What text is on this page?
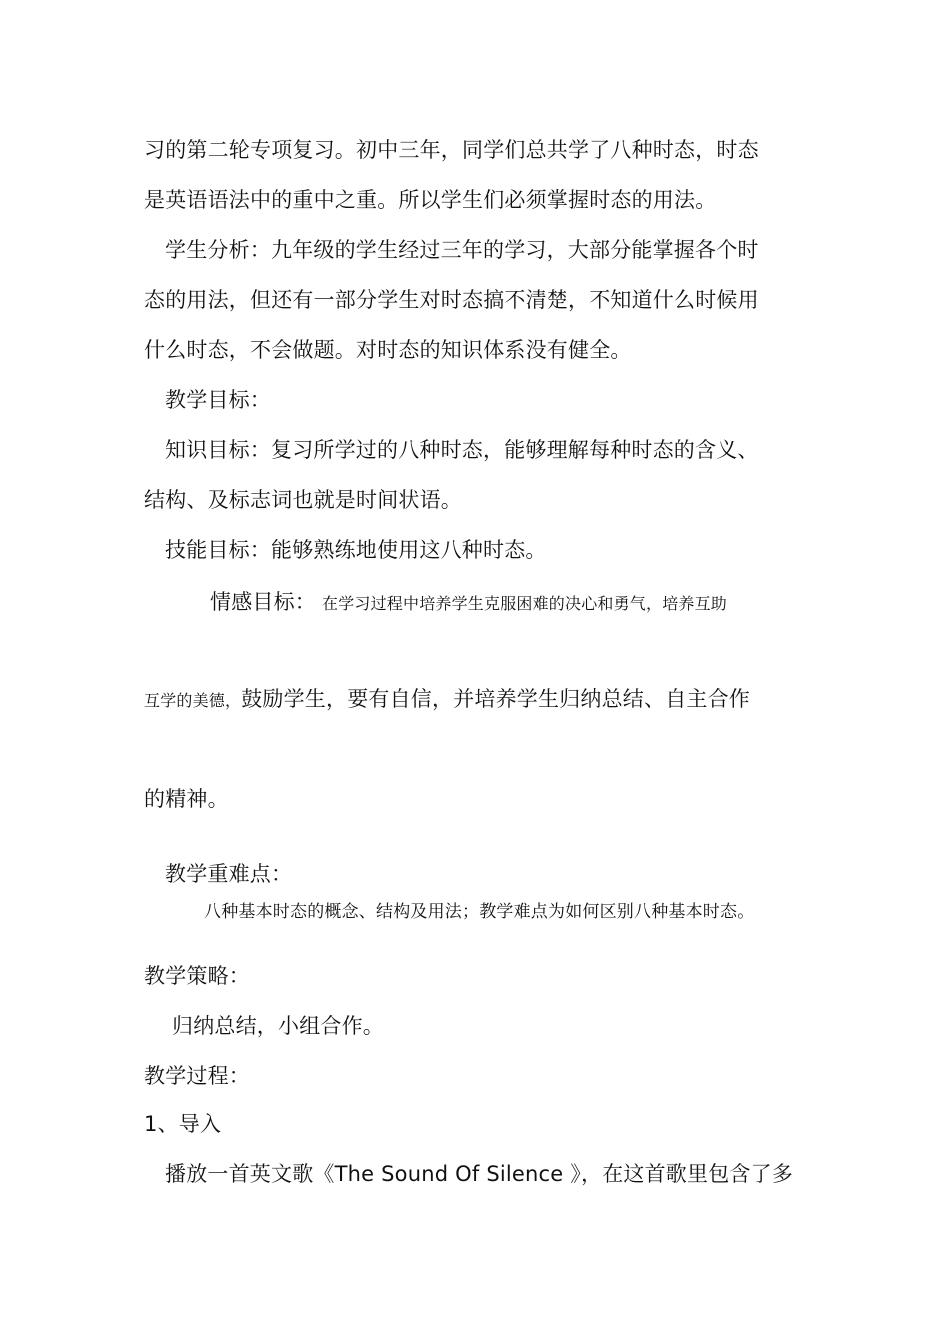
习的第二轮专项复习。初中三年，同学们总共学了八种时态，时态
是英语语法中的重中之重。所以学生们必须掌握时态的用法。
学生分析：九年级的学生经过三年的学习，大部分能掌握各个时
态的用法，但还有一部分学生对时态搞不清楚，不知道什么时候用
什么时态，不会做题。对时态的知识体系没有健全。
教学目标：
知识目标：复习所学过的八种时态，能够理解每种时态的含义、
结构、及标志词也就是时间状语。
技能目标：能够熟练地使用这八种时态。
情感目标： 在学习过程中培养学生克服困难的决心和勇气，培养互助
互学的美德，鼓励学生，要有自信，并培养学生归纳总结、自主合作
的精神。
教学重难点：
八种基本时态的概念、结构及用法；教学难点为如何区别八种基本时态。
教学策略：
归纳总结，小组合作。
教学过程：
1、导入
播放一首英文歌《The Sound Of Silence 》，在这首歌里包含了多
